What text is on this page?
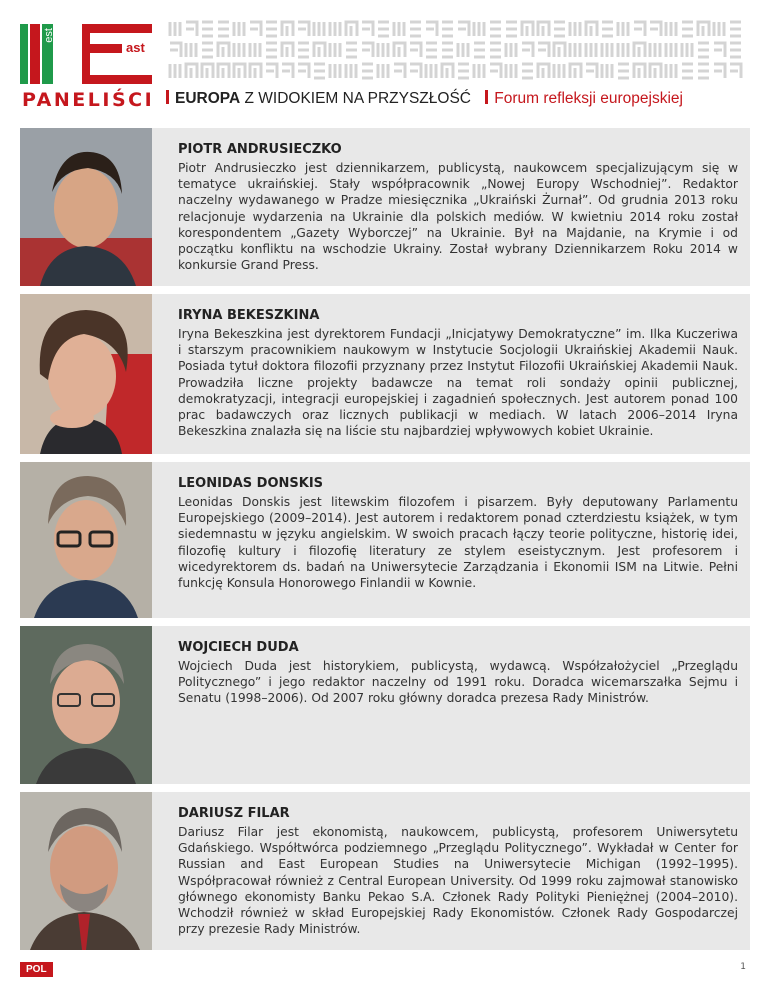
est
ast
PANELIŚCI	EUROPA Z WIDOKIEM NA PRZYSZŁOŚĆ Forum refleksji europejskiej
PIOTR ANDRUSIECZKO
Piotr Andrusieczko jest dziennikarzem, publicystą, naukowcem specjalizującym się w tematyce ukraińskiej. Stały współpracownik „Nowej Europy Wschodniej”. Redaktor naczelny wydawanego w Pradze miesięcznika „Ukraiński Żurnał”. Od grudnia 2013 roku relacjonuje wydarzenia na Ukrainie dla polskich mediów. W kwietniu 2014 roku został korespondentem „Gazety Wyborczej” na Ukrainie. Był na Majdanie, na Krymie i od początku konfliktu na wschodzie Ukrainy. Został wybrany Dziennikarzem Roku 2014 w konkursie Grand Press.
IRYNA BEKESZKINA
Iryna Bekeszkina jest dyrektorem Fundacji „Inicjatywy Demokratyczne” im. Ilka Kuczeriwa i starszym pracownikiem naukowym w Instytucie Socjologii Ukraińskiej Akademii Nauk. Posiada tytuł doktora filozofii przyznany przez Instytut Filozofii Ukraińskiej Akademii Nauk. Prowadziła liczne projekty badawcze na temat roli sondaży opinii publicznej, demokratyzacji, integracji europejskiej i zagadnień społecznych. Jest autorem ponad 100 prac badawczych oraz licznych publikacji w mediach. W latach 2006–2014 Iryna Bekeszkina znalazła się na liście stu najbardziej wpływowych kobiet Ukrainie.
LEONIDAS DONSKIS
Leonidas Donskis jest litewskim filozofem i pisarzem. Były deputowany Parlamentu Europejskiego (2009–2014). Jest autorem i redaktorem ponad czterdziestu książek, w tym siedemnastu w języku angielskim. W swoich pracach łączy teorie polityczne, historię idei, filozofię kultury i filozofię literatury ze stylem eseistycznym. Jest profesorem i wicedyrektorem ds. badań na Uniwersytecie Zarządzania i Ekonomii ISM na Litwie. Pełni funkcję Konsula Honorowego Finlandii w Kownie.
WOJCIECH DUDA
Wojciech Duda jest historykiem, publicystą, wydawcą. Współzałożyciel „Przeglądu Politycznego” i jego redaktor naczelny od 1991 roku. Doradca wicemarszałka Sejmu i Senatu (1998–2006). Od 2007 roku główny doradca prezesa Rady Ministrów.
DARIUSZ FILAR
Dariusz Filar jest ekonomistą, naukowcem, publicystą, profesorem Uniwersytetu Gdańskiego. Współtwórca podziemnego „Przeglądu Politycznego”. Wykładał w Center for Russian and East European Studies na Uniwersytecie Michigan (1992–1995). Współpracował również z Central European University. Od 1999 roku zajmował stanowisko głównego ekonomisty Banku Pekao S.A. Członek Rady Polityki Pieniężnej (2004–2010). Wchodził również w skład Europejskiej Rady Ekonomistów. Członek Rady Gospodarczej przy prezesie Rady Ministrów.
POL	1
